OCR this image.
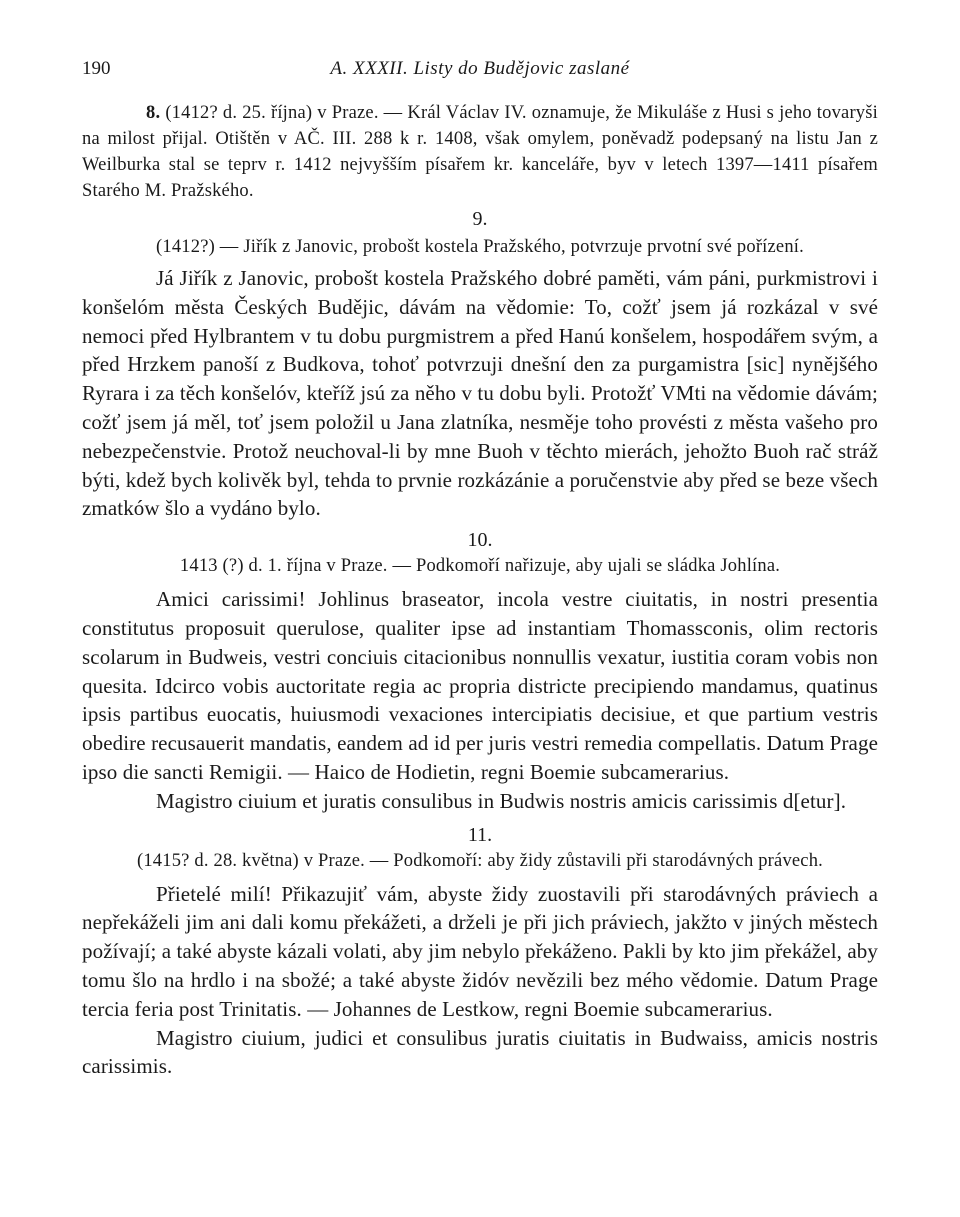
190	A. XXXII. Listy do Budějovic zaslané

8. (1412? d. 25. října) v Praze. — Král Václav IV. oznamuje, že Mikuláše z Husi s jeho tovaryši na milost přijal. Otištěn v AČ. III. 288 k r. 1408, však omylem, poněvadž podepsaný na listu Jan z Weilburka stal se teprv r. 1412 nejvyšším písařem kr. kanceláře, byv v letech 1397—1411 písařem Starého M. Pražského.

9.

(1412?) — Jiřík z Janovic, probošt kostela Pražského, potvrzuje prvotní své pořízení.

Já Jiřík z Janovic, probošt kostela Pražského dobré paměti, vám páni, purkmistrovi i konšelóm města Českých Budějic, dávám na vědomie: To, cožť jsem já rozkázal v své nemoci před Hylbrantem v tu dobu purgmistrem a před Hanú konšelem, hospodářem svým, a před Hrzkem panoší z Budkova, tohoť potvrzuji dnešní den za purgamistra [sic] nynějšého Ryrara i za těch konšelóv, kteříž jsú za něho v tu dobu byli. Protožť VMti na vědomie dávám; cožť jsem já měl, toť jsem položil u Jana zlatníka, nesměje toho provésti z města vašeho pro nebezpečenstvie. Protož neuchoval-li by mne Buoh v těchto mierách, jehožto Buoh rač stráž býti, kdež bych kolivěk byl, tehda to prvnie rozkázánie a poručenstvie aby před se beze všech zmatków šlo a vydáno bylo.

10.

1413 (?) d. 1. října v Praze. — Podkomoří nařizuje, aby ujali se sládka Johlína.

Amici carissimi! Johlinus braseator, incola vestre ciuitatis, in nostri presentia constitutus proposuit querulose, qualiter ipse ad instantiam Thomassconis, olim rectoris scolarum in Budweis, vestri conciuis citacionibus nonnullis vexatur, iustitia coram vobis non quesita. Idcirco vobis auctoritate regia ac propria districte precipiendo mandamus, quatinus ipsis partibus euocatis, huiusmodi vexaciones intercipiatis decisiue, et que partium vestris obedire recusauerit mandatis, eandem ad id per juris vestri remedia compellatis. Datum Prage ipso die sancti Remigii. — Haico de Hodietin, regni Boemie subcamerarius.

Magistro ciuium et juratis consulibus in Budwis nostris amicis carissimis d[etur].

11.

(1415? d. 28. května) v Praze. — Podkomoří: aby židy zůstavili při starodávných právech.

Přietelé milí! Přikazujiť vám, abyste židy zuostavili při starodávných práviech a nepřekáželi jim ani dali komu překážeti, a drželi je při jich práviech, jakžto v jiných městech požívají; a také abyste kázali volati, aby jim nebylo překáženo. Pakli by kto jim překážel, aby tomu šlo na hrdlo i na sbožé; a také abyste židóv nevězili bez mého vědomie. Datum Prage tercia feria post Trinitatis. — Johannes de Lestkow, regni Boemie subcamerarius.

Magistro ciuium, judici et consulibus juratis ciuitatis in Budwaiss, amicis nostris carissimis.
